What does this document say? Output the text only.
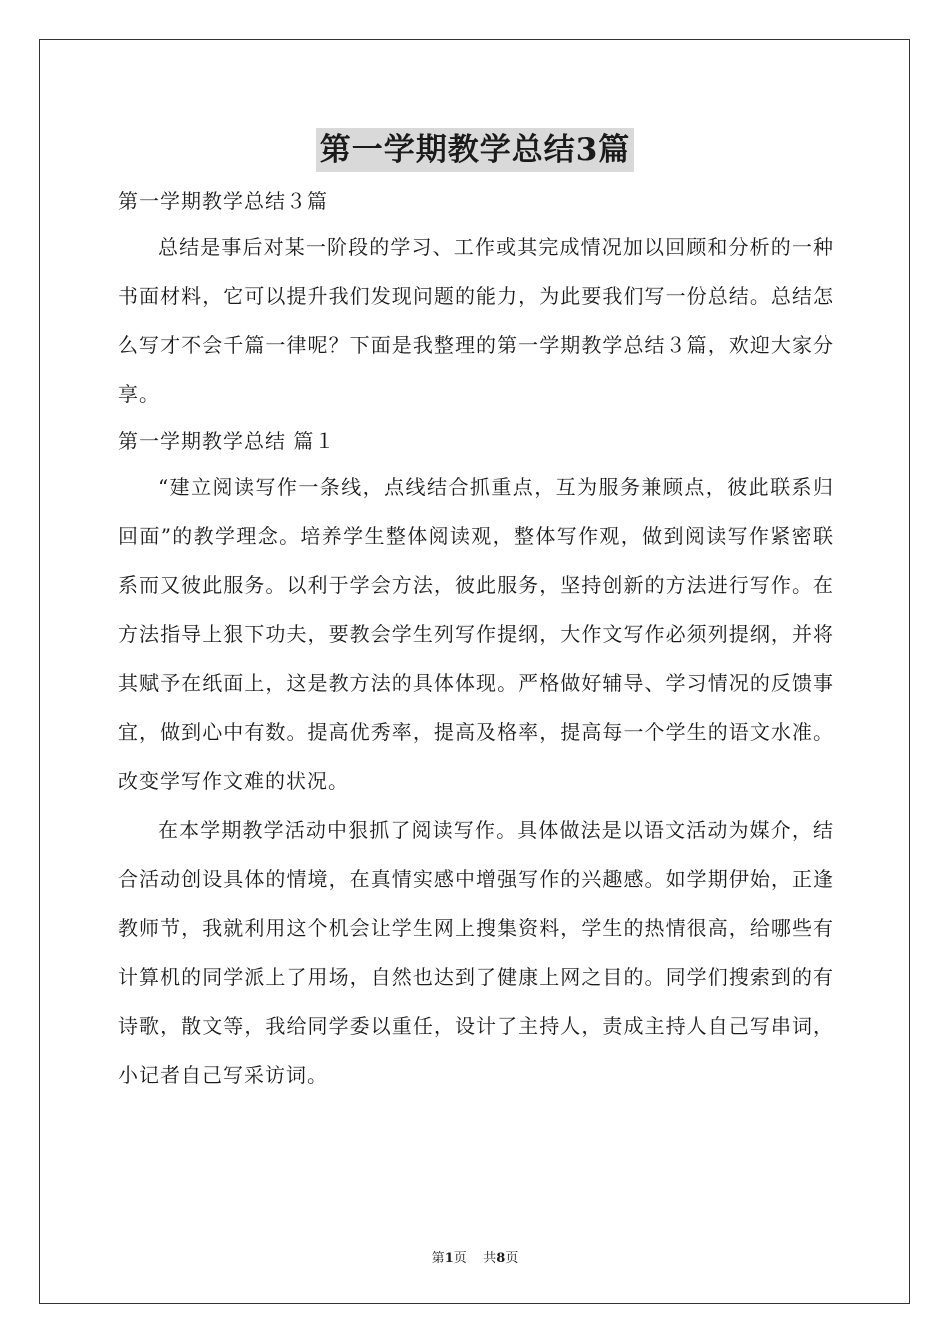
第一学期教学总结3篇

第一学期教学总结３篇

总结是事后对某一阶段的学习、工作或其完成情况加以回顾和分析的一种书面材料，它可以提升我们发现问题的能力，为此要我们写一份总结。总结怎么写才不会千篇一律呢？下面是我整理的第一学期教学总结３篇，欢迎大家分享。

第一学期教学总结 篇１

“建立阅读写作一条线，点线结合抓重点，互为服务兼顾点，彼此联系归回面”的教学理念。培养学生整体阅读观，整体写作观，做到阅读写作紧密联系而又彼此服务。以利于学会方法，彼此服务，坚持创新的方法进行写作。在方法指导上狠下功夫，要教会学生列写作提纲，大作文写作必须列提纲，并将其赋予在纸面上，这是教方法的具体体现。严格做好辅导、学习情况的反馈事宜，做到心中有数。提高优秀率，提高及格率，提高每一个学生的语文水准。改变学写作文难的状况。

在本学期教学活动中狠抓了阅读写作。具体做法是以语文活动为媒介，结合活动创设具体的情境，在真情实感中增强写作的兴趣感。如学期伊始，正逢教师节，我就利用这个机会让学生网上搜集资料，学生的热情很高，给哪些有计算机的同学派上了用场，自然也达到了健康上网之目的。同学们搜索到的有诗歌，散文等，我给同学委以重任，设计了主持人，责成主持人自己写串词，小记者自己写采访词。

第1页    共8页
